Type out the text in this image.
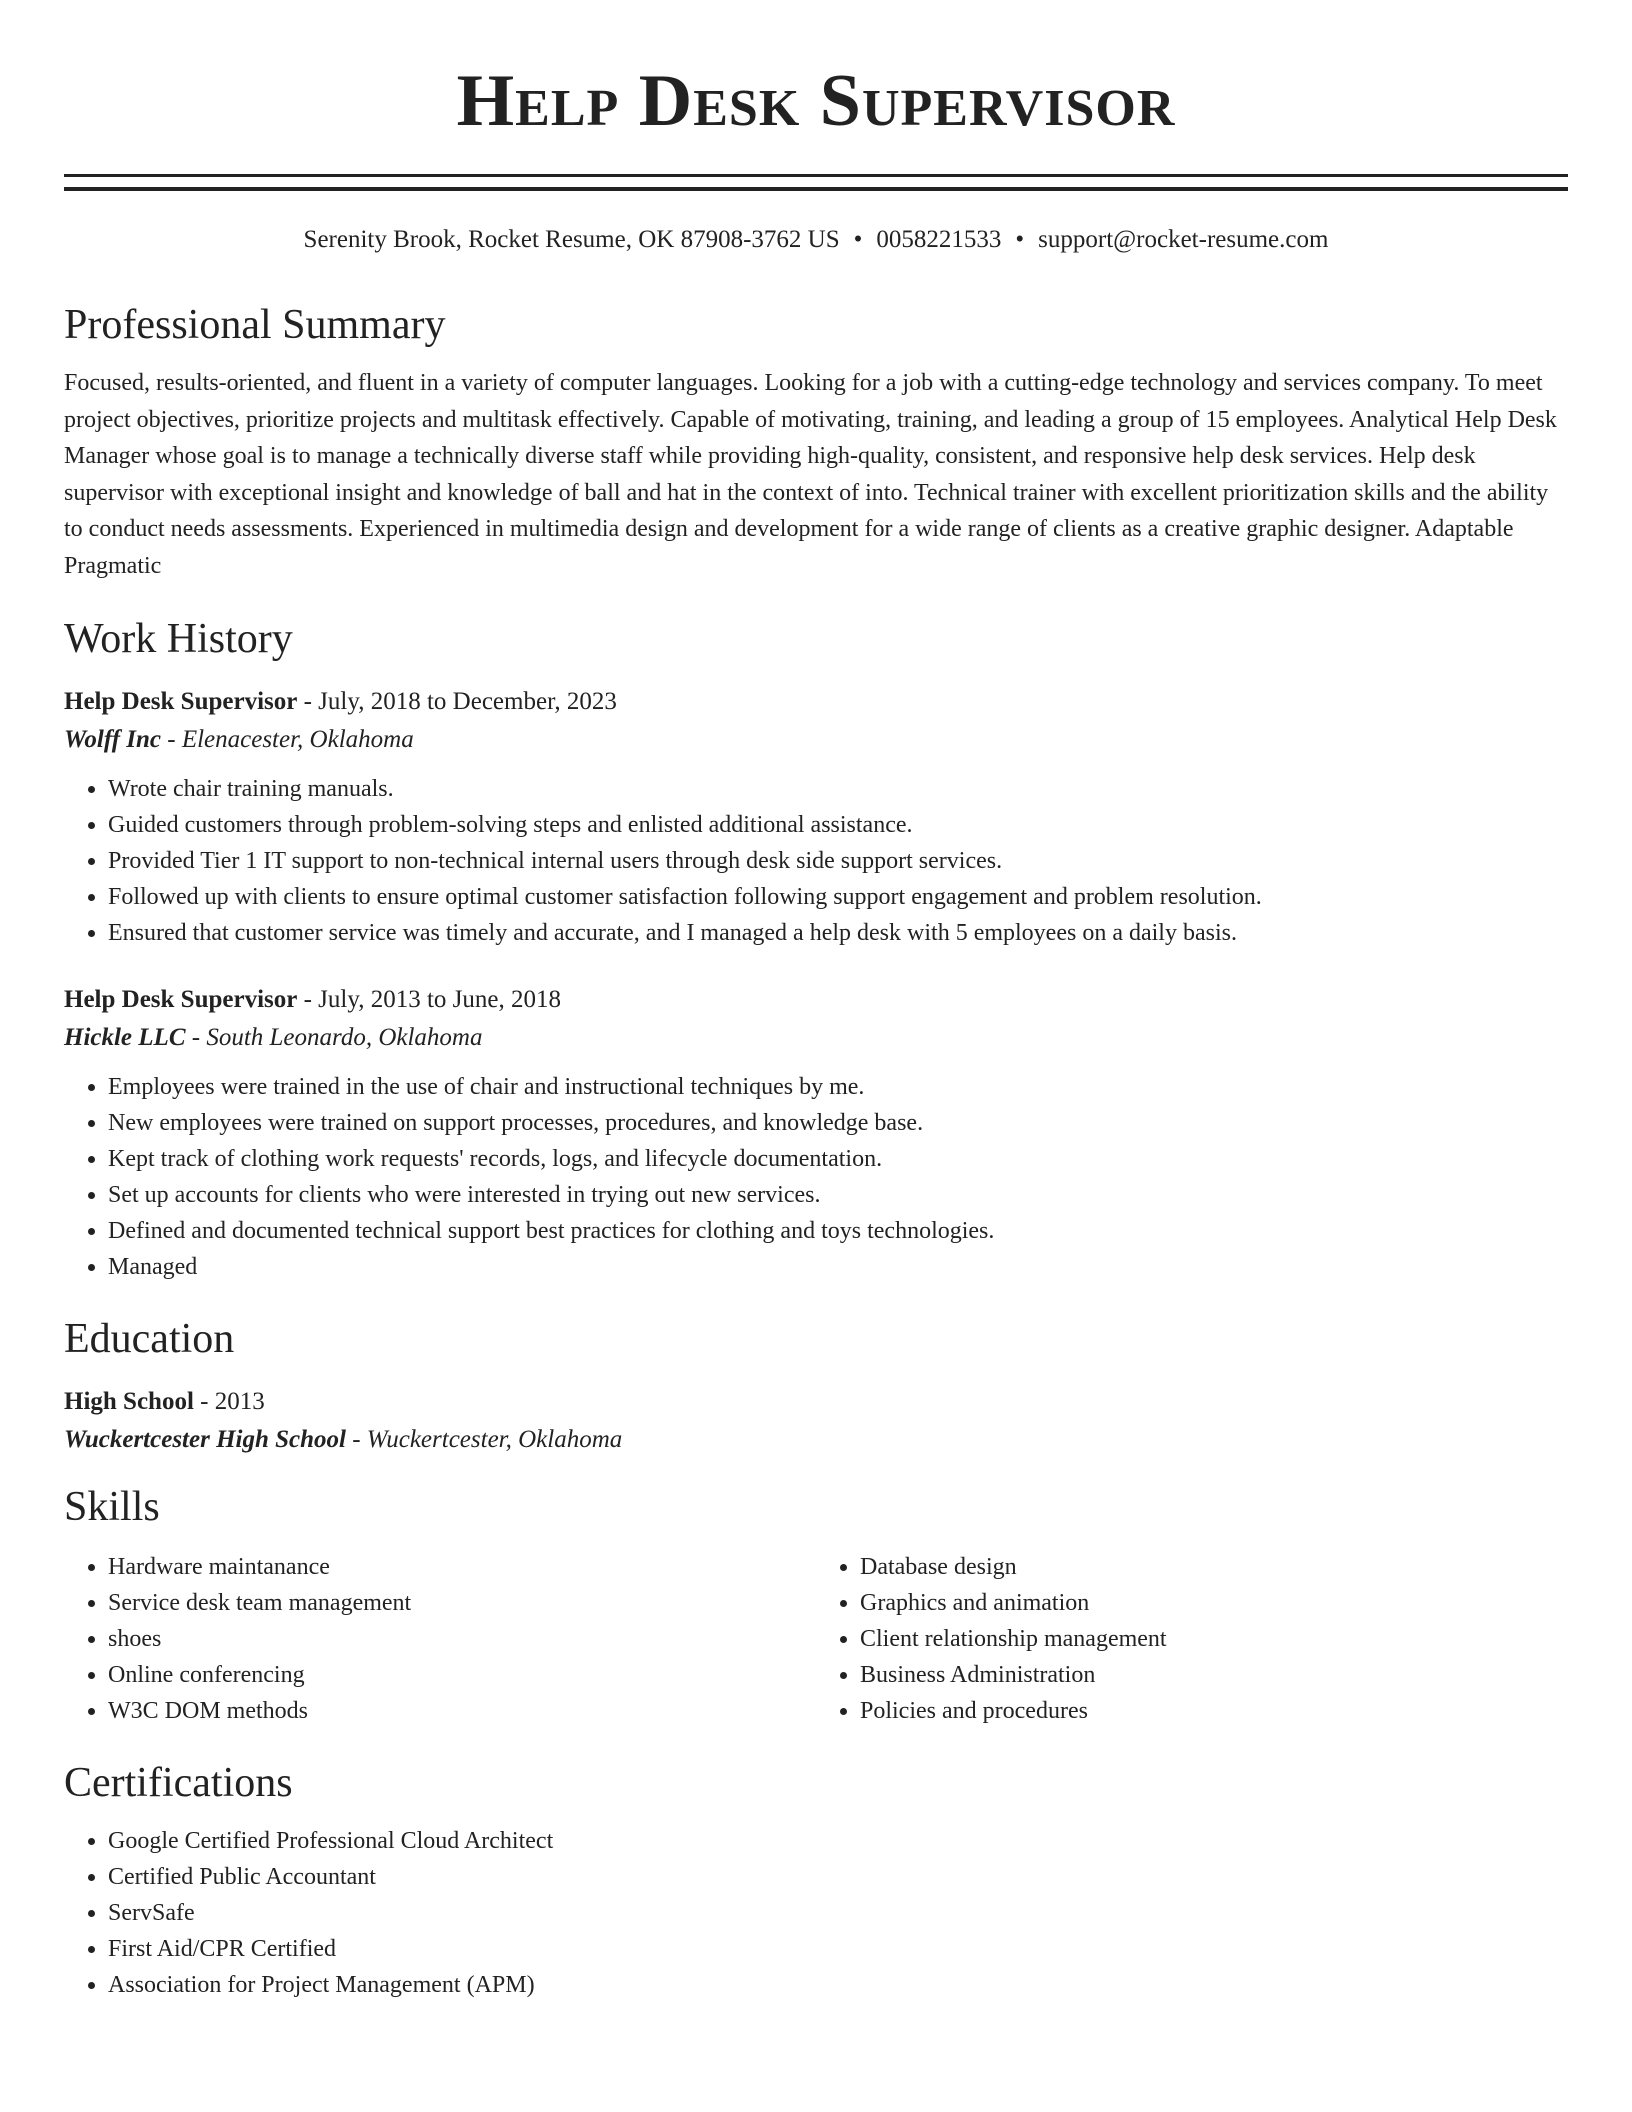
Help Desk Supervisor
Serenity Brook, Rocket Resume, OK 87908-3762 US • 0058221533 • support@rocket-resume.com
Professional Summary

Focused, results-oriented, and fluent in a variety of computer languages. Looking for a job with a cutting-edge technology and services company. To meet project objectives, prioritize projects and multitask effectively. Capable of motivating, training, and leading a group of 15 employees. Analytical Help Desk Manager whose goal is to manage a technically diverse staff while providing high-quality, consistent, and responsive help desk services. Help desk supervisor with exceptional insight and knowledge of ball and hat in the context of into. Technical trainer with excellent prioritization skills and the ability to conduct needs assessments. Experienced in multimedia design and development for a wide range of clients as a creative graphic designer. Adaptable Pragmatic

Work History
Help Desk Supervisor - July, 2018 to December, 2023
Wolff Inc - Elenacester, Oklahoma
• Wrote chair training manuals.
• Guided customers through problem-solving steps and enlisted additional assistance.
• Provided Tier 1 IT support to non-technical internal users through desk side support services.
• Followed up with clients to ensure optimal customer satisfaction following support engagement and problem resolution.
• Ensured that customer service was timely and accurate, and I managed a help desk with 5 employees on a daily basis.
Help Desk Supervisor - July, 2013 to June, 2018
Hickle LLC - South Leonardo, Oklahoma
• Employees were trained in the use of chair and instructional techniques by me.
• New employees were trained on support processes, procedures, and knowledge base.
• Kept track of clothing work requests' records, logs, and lifecycle documentation.
• Set up accounts for clients who were interested in trying out new services.
• Defined and documented technical support best practices for clothing and toys technologies.
• Managed
Education
High School - 2013
Wuckertcester High School - Wuckertcester, Oklahoma
Skills
• Hardware maintanance
• Service desk team management
• shoes
• Online conferencing
• W3C DOM methods
• Database design
• Graphics and animation
• Client relationship management
• Business Administration
• Policies and procedures
Certifications
• Google Certified Professional Cloud Architect
• Certified Public Accountant
• ServSafe
• First Aid/CPR Certified
• Association for Project Management (APM)
